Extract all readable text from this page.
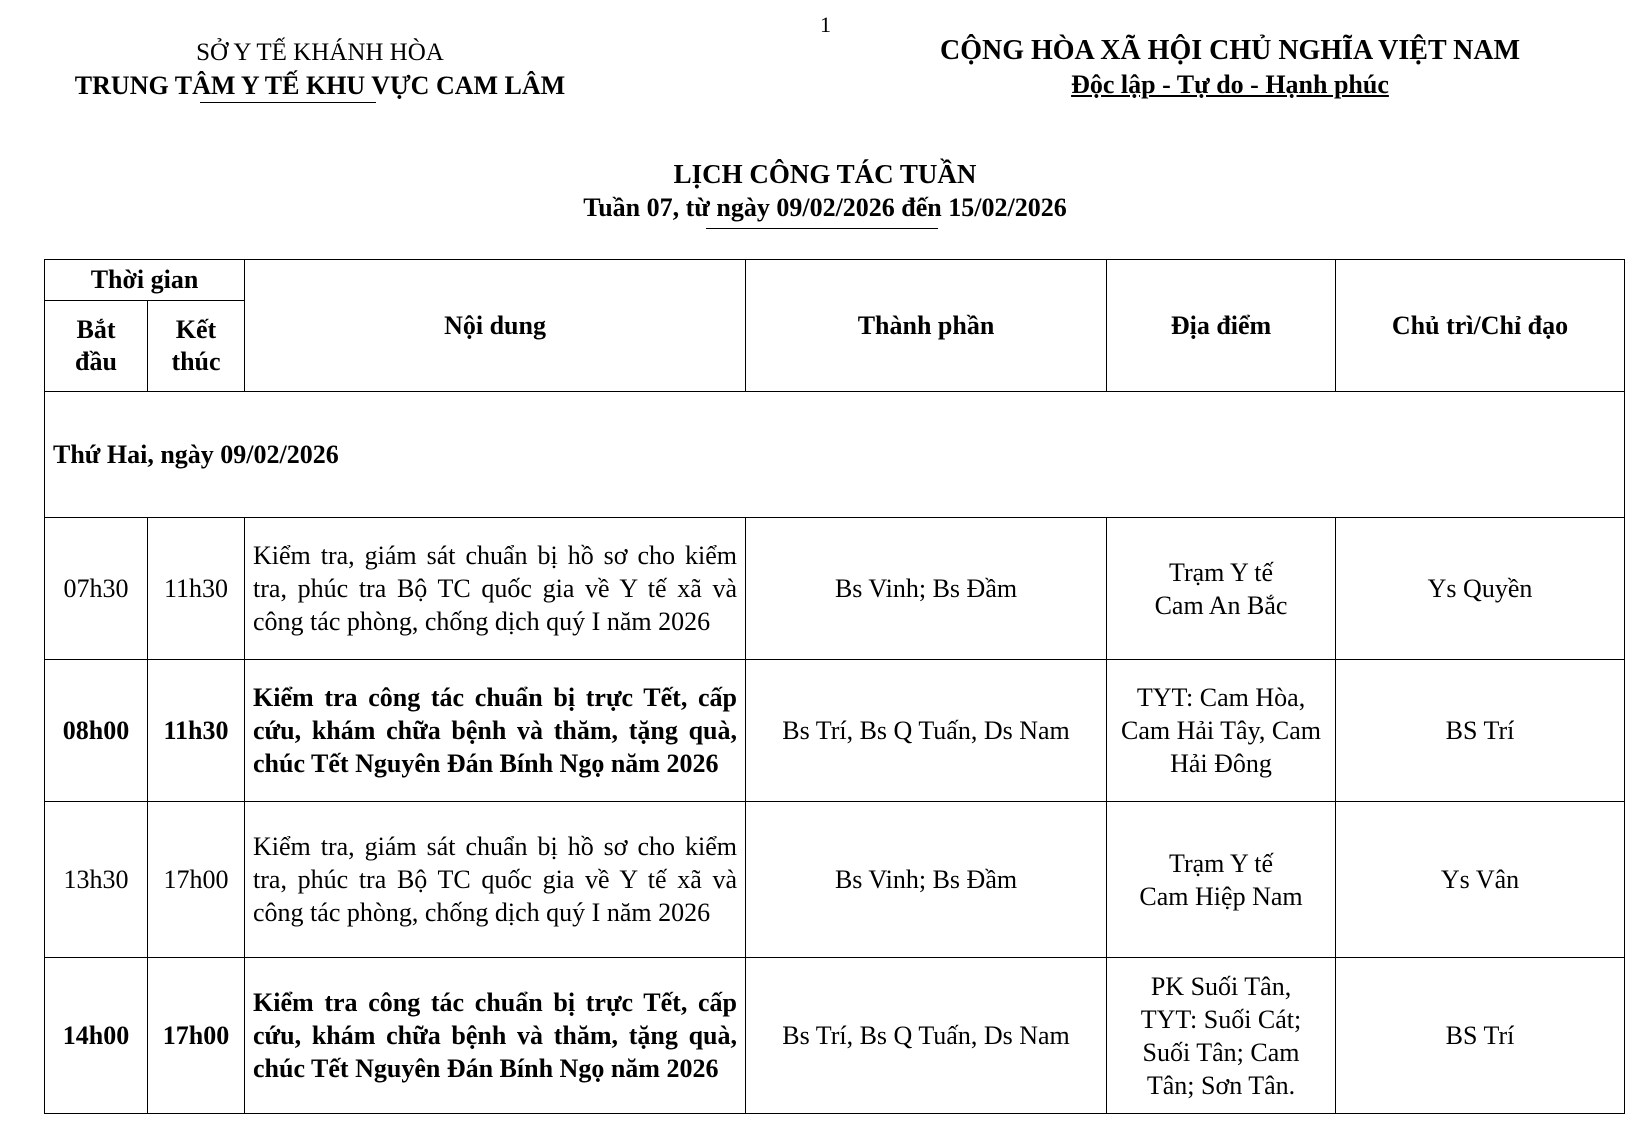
1
SỞ Y TẾ KHÁNH HÒA
TRUNG TÂM Y TẾ KHU VỰC CAM LÂM
CỘNG HÒA XÃ HỘI CHỦ NGHĨA VIỆT NAM
Độc lập - Tự do - Hạnh phúc
LỊCH CÔNG TÁC TUẦN
Tuần 07, từ ngày 09/02/2026 đến 15/02/2026
Thời gian		Nội dung	Thành phần	Địa điểm	Chủ trì/Chỉ đạo
Bắt đầu	Kết thúc				
Thứ Hai, ngày 09/02/2026					
07h30	11h30	Kiểm tra, giám sát chuẩn bị hồ sơ cho kiểm tra, phúc tra Bộ TC quốc gia về Y tế xã và công tác phòng, chống dịch quý I năm 2026	Bs Vinh; Bs Đầm	Trạm Y tế
Cam An Bắc	Ys Quyền
08h00	11h30	Kiểm tra công tác chuẩn bị trực Tết, cấp cứu, khám chữa bệnh và thăm, tặng quà, chúc Tết Nguyên Đán Bính Ngọ năm 2026	Bs Trí, Bs Q Tuấn, Ds Nam	TYT: Cam Hòa,
Cam Hải Tây, Cam
Hải Đông	BS Trí
13h30	17h00	Kiểm tra, giám sát chuẩn bị hồ sơ cho kiểm tra, phúc tra Bộ TC quốc gia về Y tế xã và công tác phòng, chống dịch quý I năm 2026	Bs Vinh; Bs Đầm	Trạm Y tế
Cam Hiệp Nam	Ys Vân
14h00	17h00	Kiểm tra công tác chuẩn bị trực Tết, cấp cứu, khám chữa bệnh và thăm, tặng quà, chúc Tết Nguyên Đán Bính Ngọ năm 2026	Bs Trí, Bs Q Tuấn, Ds Nam	PK Suối Tân,
TYT: Suối Cát;
Suối Tân; Cam
Tân; Sơn Tân.	BS Trí
